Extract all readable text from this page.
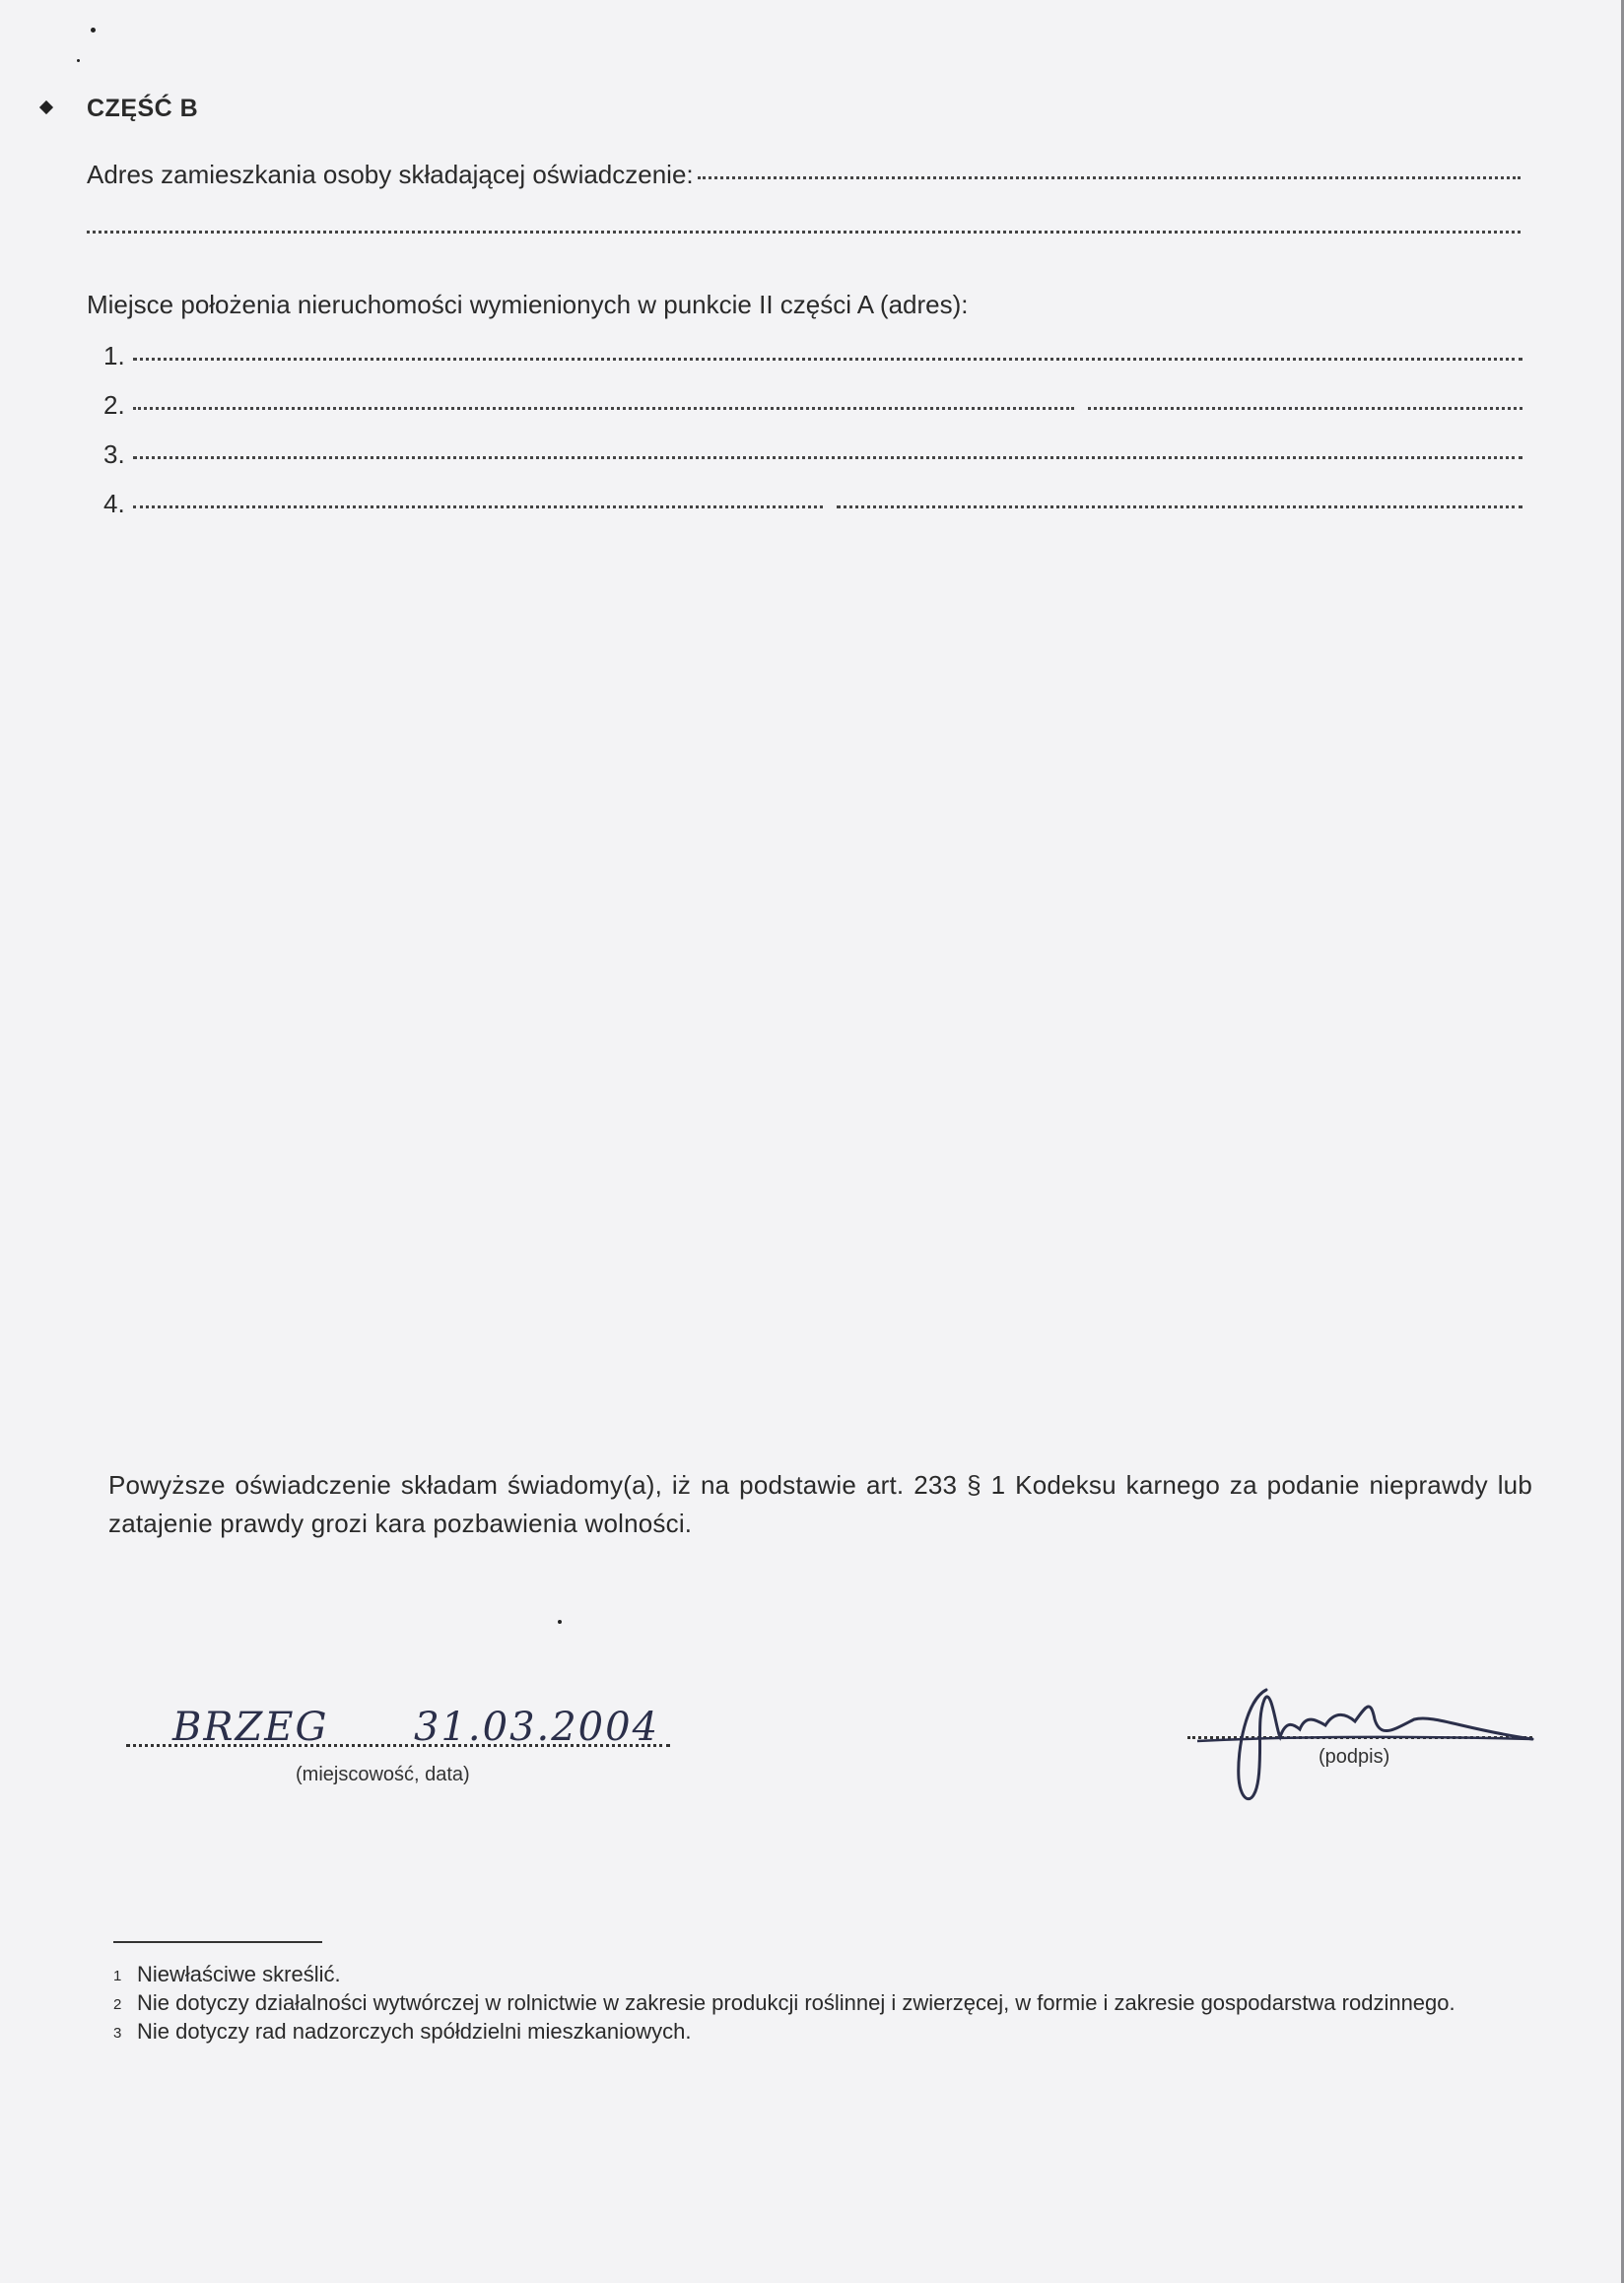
CZĘŚĆ B
Adres zamieszkania osoby składającej oświadczenie:
Miejsce położenia nieruchomości wymienionych w punkcie II części A (adres):
1.
2.
3.
4.
Powyższe oświadczenie składam świadomy(a), iż na podstawie art. 233 § 1 Kodeksu karnego za podanie nieprawdy lub zatajenie prawdy grozi kara pozbawienia wolności.
BRZEG 31.03.2004
(miejscowość, data)
(podpis)
1 Niewłaściwe skreślić.
2 Nie dotyczy działalności wytwórczej w rolnictwie w zakresie produkcji roślinnej i zwierzęcej, w formie i zakresie gospodarstwa rodzinnego.
3 Nie dotyczy rad nadzorczych spółdzielni mieszkaniowych.
